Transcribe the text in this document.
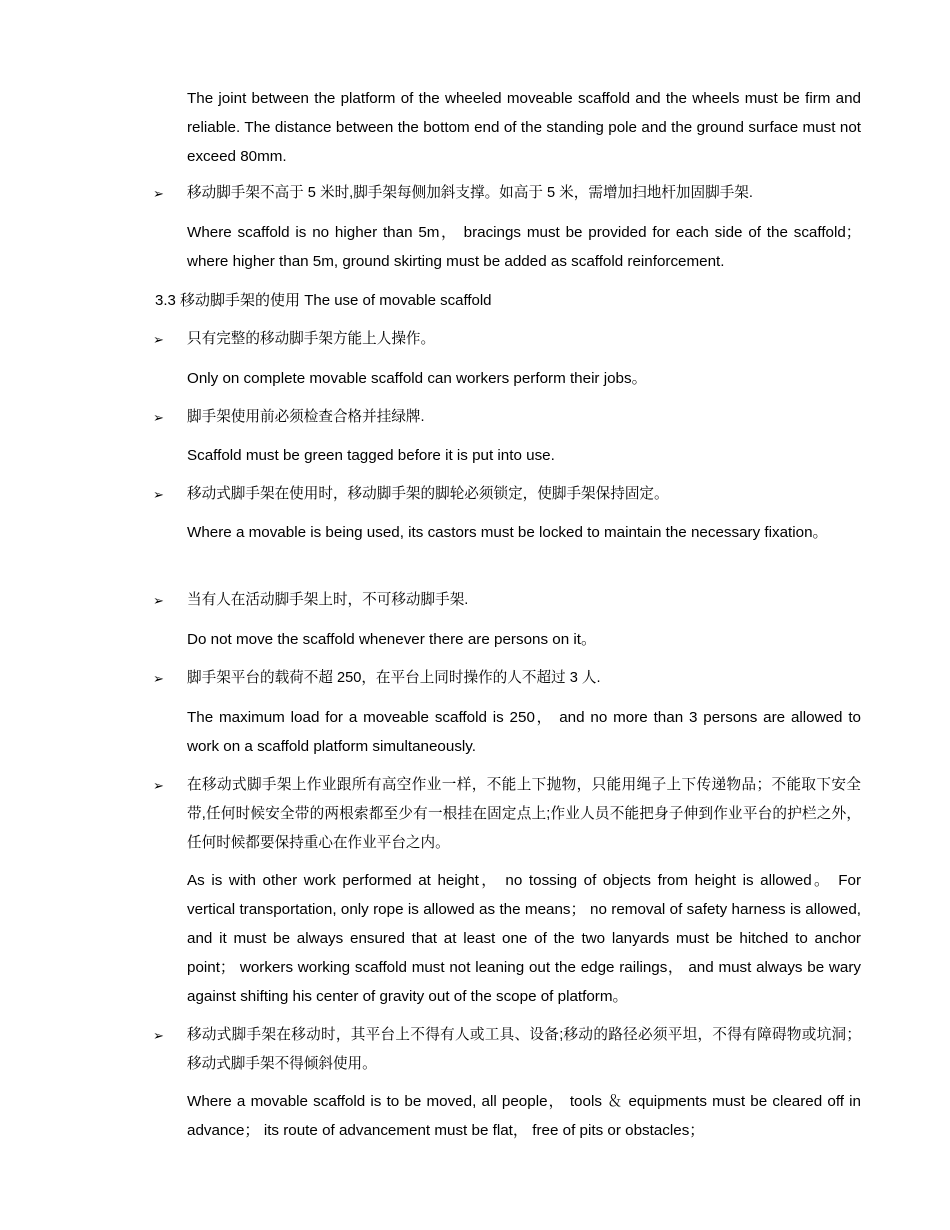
The joint between the platform of the wheeled moveable scaffold and the wheels must be firm and reliable. The distance between the bottom end of the standing pole and the ground surface must not exceed 80mm.

➢ 移动脚手架不高于 5 米时,脚手架每侧加斜支撑。如高于 5 米，需增加扫地杆加固脚手架.

Where scaffold is no higher than 5m， bracings must be provided for each side of the scaffold； where higher than 5m, ground skirting must be added as scaffold reinforcement.

3.3 移动脚手架的使用 The use of movable scaffold

➢ 只有完整的移动脚手架方能上人操作。

Only on complete movable scaffold can workers perform their jobs。

➢ 脚手架使用前必须检查合格并挂绿牌.

Scaffold must be green tagged before it is put into use.

➢ 移动式脚手架在使用时，移动脚手架的脚轮必须锁定，使脚手架保持固定。

Where a movable is being used, its castors must be locked to maintain the necessary fixation。

➢ 当有人在活动脚手架上时，不可移动脚手架.

Do not move the scaffold whenever there are persons on it。

➢ 脚手架平台的载荷不超 250，在平台上同时操作的人不超过 3 人.

The maximum load for a moveable scaffold is 250， and no more than 3 persons are allowed to work on a scaffold platform simultaneously.

➢ 在移动式脚手架上作业跟所有高空作业一样，不能上下抛物，只能用绳子上下传递物品；不能取下安全带,任何时候安全带的两根索都至少有一根挂在固定点上;作业人员不能把身子伸到作业平台的护栏之外，任何时候都要保持重心在作业平台之内。

As is with other work performed at height， no tossing of objects from height is allowed。 For vertical transportation, only rope is allowed as the means； no removal of safety harness is allowed, and it must be always ensured that at least one of the two lanyards must be hitched to anchor point； workers working scaffold must not leaning out the edge railings， and must always be wary against shifting his center of gravity out of the scope of platform。

➢ 移动式脚手架在移动时，其平台上不得有人或工具、设备;移动的路径必须平坦，不得有障碍物或坑洞；移动式脚手架不得倾斜使用。

Where a movable scaffold is to be moved, all people， tools ＆ equipments must be cleared off in advance； its route of advancement must be flat， free of pits or obstacles；
